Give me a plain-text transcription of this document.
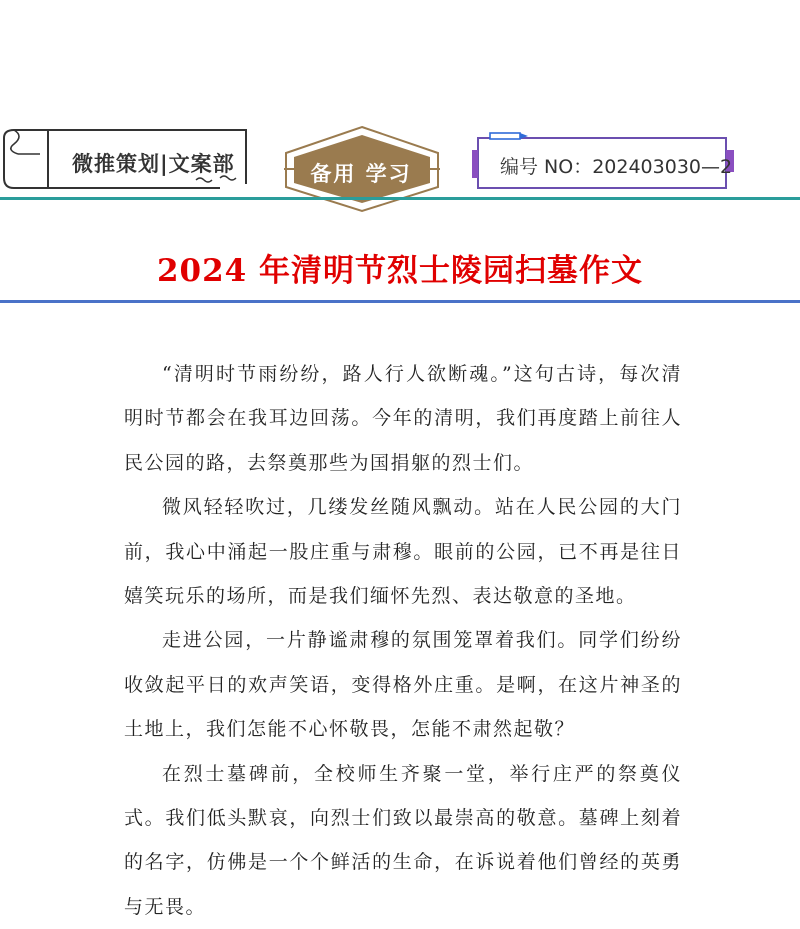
微推策划|文案部	备用 学习	编号 NO：202403030—2
2024 年清明节烈士陵园扫墓作文

“清明时节雨纷纷，路人行人欲断魂。”这句古诗，每次清明时节都会在我耳边回荡。今年的清明，我们再度踏上前往人民公园的路，去祭奠那些为国捐躯的烈士们。

微风轻轻吹过，几缕发丝随风飘动。站在人民公园的大门前，我心中涌起一股庄重与肃穆。眼前的公园，已不再是往日嬉笑玩乐的场所，而是我们缅怀先烈、表达敬意的圣地。

走进公园，一片静谧肃穆的氛围笼罩着我们。同学们纷纷收敛起平日的欢声笑语，变得格外庄重。是啊，在这片神圣的土地上，我们怎能不心怀敬畏，怎能不肃然起敬？

在烈士墓碑前，全校师生齐聚一堂，举行庄严的祭奠仪式。我们低头默哀，向烈士们致以最崇高的敬意。墓碑上刻着的名字，仿佛是一个个鲜活的生命，在诉说着他们曾经的英勇与无畏。
